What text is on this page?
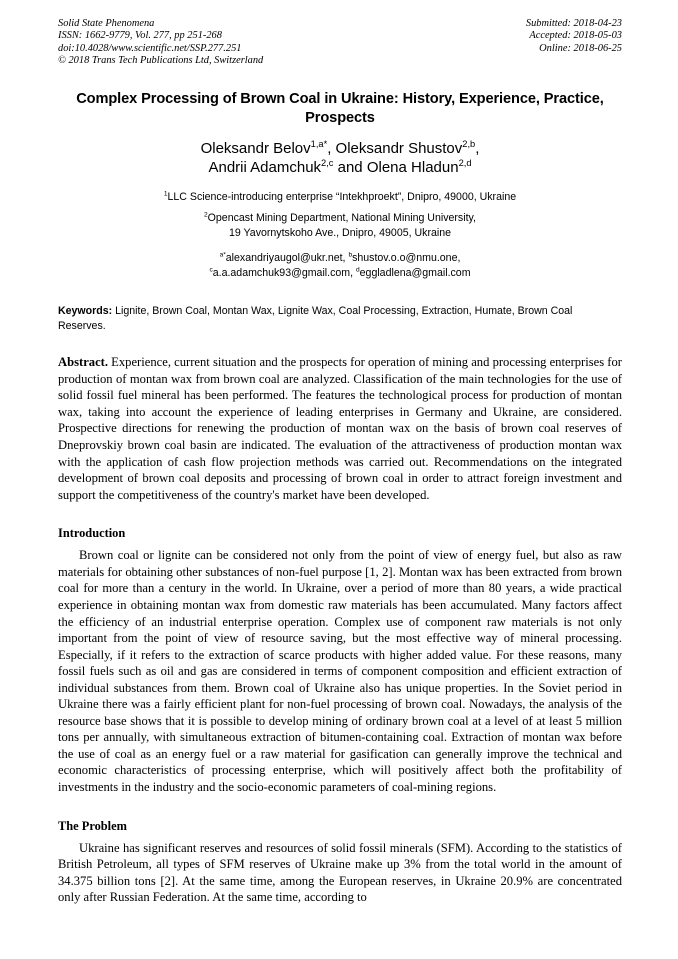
Solid State Phenomena
ISSN: 1662-9779, Vol. 277, pp 251-268
doi:10.4028/www.scientific.net/SSP.277.251
© 2018 Trans Tech Publications Ltd, Switzerland
Submitted: 2018-04-23
Accepted: 2018-05-03
Online: 2018-06-25
Complex Processing of Brown Coal in Ukraine: History, Experience, Practice, Prospects
Oleksandr Belov$^{1,a*}$, Oleksandr Shustov$^{2,b}$,
Andrii Adamchuk$^{2,c}$ and Olena Hladun$^{2,d}$
$^1$LLC Science-introducing enterprise “Intekhproekt”, Dnipro, 49000, Ukraine
$^2$Opencast Mining Department, National Mining University,
19 Yavornytskoho Ave., Dnipro, 49005, Ukraine
$^{a*}$alexandriyaugol@ukr.net, $^b$shustov.o.o@nmu.one,
$^c$a.a.adamchuk93@gmail.com, $^d$eggladlena@gmail.com
Keywords: Lignite, Brown Coal, Montan Wax, Lignite Wax, Coal Processing, Extraction, Humate, Brown Coal Reserves.
Abstract. Experience, current situation and the prospects for operation of mining and processing enterprises for production of montan wax from brown coal are analyzed. Classification of the main technologies for the use of solid fossil fuel mineral has been performed. The features the technological process for production of montan wax, taking into account the experience of leading enterprises in Germany and Ukraine, are considered. Prospective directions for renewing the production of montan wax on the basis of brown coal reserves of Dneprovskiy brown coal basin are indicated. The evaluation of the attractiveness of production montan wax with the application of cash flow projection methods was carried out. Recommendations on the integrated development of brown coal deposits and processing of brown coal in order to attract foreign investment and support the competitiveness of the country's market have been developed.
Introduction
Brown coal or lignite can be considered not only from the point of view of energy fuel, but also as raw materials for obtaining other substances of non-fuel purpose [1, 2]. Montan wax has been extracted from brown coal for more than a century in the world. In Ukraine, over a period of more than 80 years, a wide practical experience in obtaining montan wax from domestic raw materials has been accumulated. Many factors affect the efficiency of an industrial enterprise operation. Complex use of component raw materials is not only important from the point of view of resource saving, but the most effective way of mineral processing. Especially, if it refers to the extraction of scarce products with higher added value. For these reasons, many fossil fuels such as oil and gas are considered in terms of component composition and efficient extraction of individual substances from them. Brown coal of Ukraine also has unique properties. In the Soviet period in Ukraine there was a fairly efficient plant for non-fuel processing of brown coal. Nowadays, the analysis of the resource base shows that it is possible to develop mining of ordinary brown coal at a level of at least 5 million tons per annually, with simultaneous extraction of bitumen-containing coal. Extraction of montan wax before the use of coal as an energy fuel or a raw material for gasification can generally improve the technical and economic characteristics of processing enterprise, which will positively affect both the profitability of investments in the industry and the socio-economic parameters of coal-mining regions.
The Problem
Ukraine has significant reserves and resources of solid fossil minerals (SFM). According to the statistics of British Petroleum, all types of SFM reserves of Ukraine make up 3% from the total world in the amount of 34.375 billion tons [2]. At the same time, among the European reserves, in Ukraine 20.9% are concentrated only after Russian Federation. At the same time, according to
